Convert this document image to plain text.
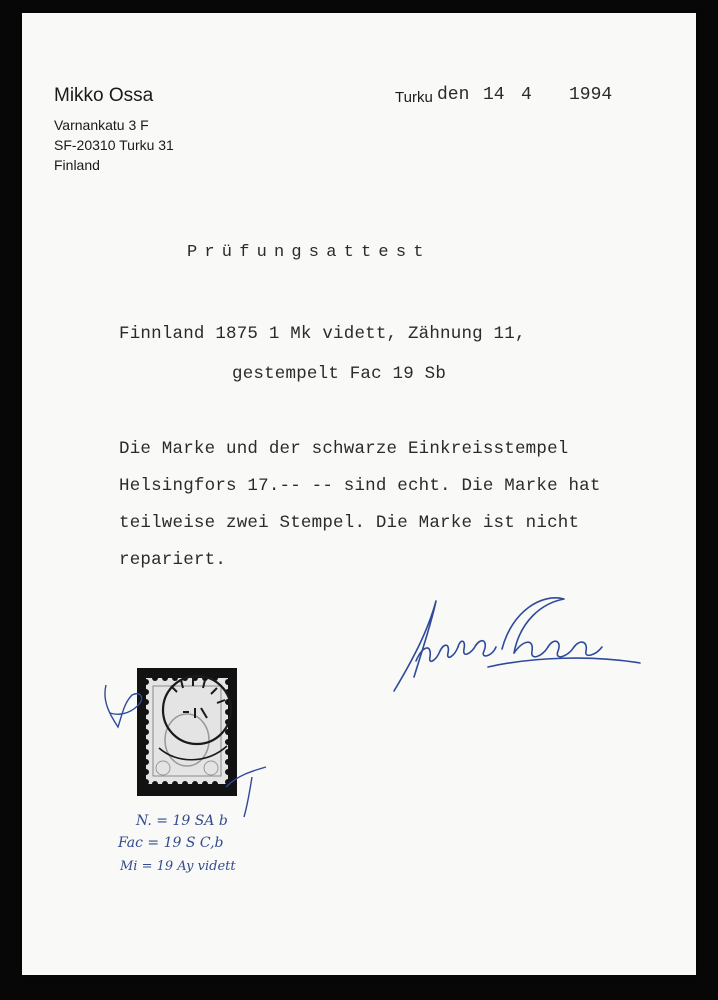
Mikko Ossa
Varnankatu 3 F
SF-20310 Turku 31
Finland
Turku den 14 4 1994
Prüfungsattest
Finnland 1875 1 Mk vidett, Zähnung 11,
gestempelt Fac 19 Sb
Die Marke und der schwarze Einkreisstempel
Helsingfors 17.-- -- sind echt. Die Marke hat
teilweise zwei Stempel. Die Marke ist nicht
repariert.
N. = 19 SA b
Fac = 19 S C,b
Mi = 19 Ay vidett
